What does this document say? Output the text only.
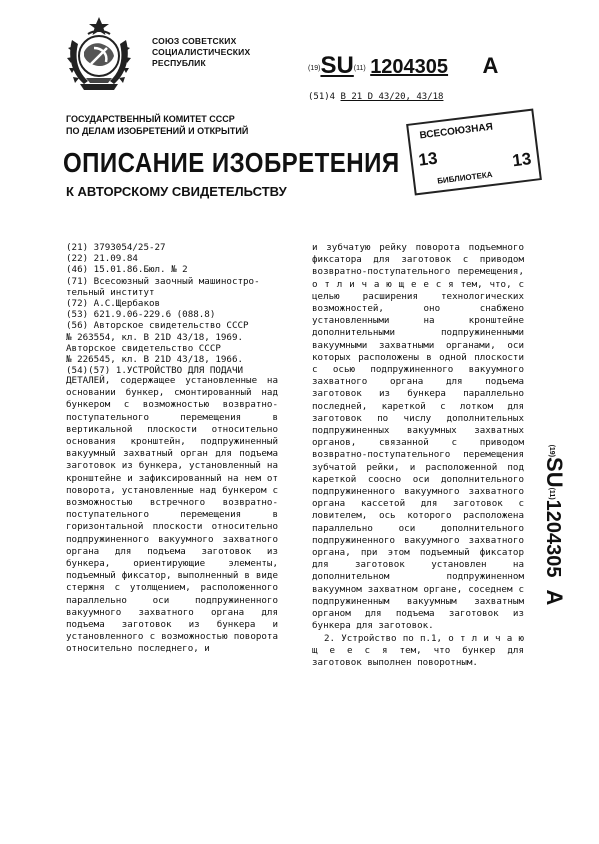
СОЮЗ СОВЕТСКИХ
СОЦИАЛИСТИЧЕСКИХ
РЕСПУБЛИК
(19)SU(11) 1204305 A
(51)4 В 21 D 43/20, 43/18
ГОСУДАРСТВЕННЫЙ КОМИТЕТ СССР
ПО ДЕЛАМ ИЗОБРЕТЕНИЙ И ОТКРЫТИЙ
ОПИСАНИЕ ИЗОБРЕТЕНИЯ
К АВТОРСКОМУ СВИДЕТЕЛЬСТВУ
ВСЕСОЮЗНАЯ
13	13
БИБЛИОТЕКА
(21) 3793054/25-27
(22) 21.09.84
(46) 15.01.86.Бюл. № 2
(71) Всесоюзный заочный машиностро-
тельный институт
(72) А.С.Щербаков
(53) 621.9.06-229.6 (088.8)
(56) Авторское свидетельство СССР
№ 263554, кл. В 21D 43/18, 1969.
Авторское свидетельство СССР
№ 226545, кл. В 21D 43/18, 1966.
(54)(57) 1.УСТРОЙСТВО ДЛЯ ПОДАЧИ

ДЕТАЛЕЙ, содержащее установленные на основании бункер, смонтированный над бункером с возможностью возвратно-поступательного перемещения в вертикальной плоскости относительно основания кронштейн, подпружиненный вакуумный захватный орган для подъема заготовок из бункера, установленный на кронштейне и зафиксированный на нем от поворота, установленные над бункером с возможностью встречного возвратно-поступательного перемещения в горизонтальной плоскости относительно подпружиненного вакуумного захватного органа для подъема заготовок из бункера, ориентирующие элементы, подъемный фиксатор, выполненный в виде стержня с утолщением, расположенного параллельно оси подпружиненного вакуумного захватного органа для подъема заготовок из бункера и установленного с возможностью поворота относительно последнего, и

и зубчатую рейку поворота подъемного фиксатора для заготовок с приводом возвратно-поступательного перемещения, о т л и ч а ю щ е е с я тем, что, с целью расширения технологических возможностей, оно снабжено установленными на кронштейне дополнительными подпружиненными вакуумными захватными органами, оси которых расположены в одной плоскости с осью подпружиненного вакуумного захватного органа для подъема заготовок из бункера параллельно последней, кареткой с лотком для заготовок по числу дополнительных подпружиненных вакуумных захватных органов, связанной с приводом возвратно-поступательного перемещения зубчатой рейки, и расположенной под кареткой соосно оси дополнительного подпружиненного вакуумного захватного органа кассетой для заготовок с ловителем, ось которого расположена параллельно оси дополнительного подпружиненного вакуумного захватного органа, при этом подъемный фиксатор для заготовок установлен на дополнительном подпружиненном вакуумном захватном органе, соседнем с подпружиненным вакуумным захватным органом для подъема заготовок из бункера для заготовок.

2. Устройство по п.1, о т л и ч а ю щ е е с я тем, что бункер для заготовок выполнен поворотным.

(19)SU(11)1204305A
